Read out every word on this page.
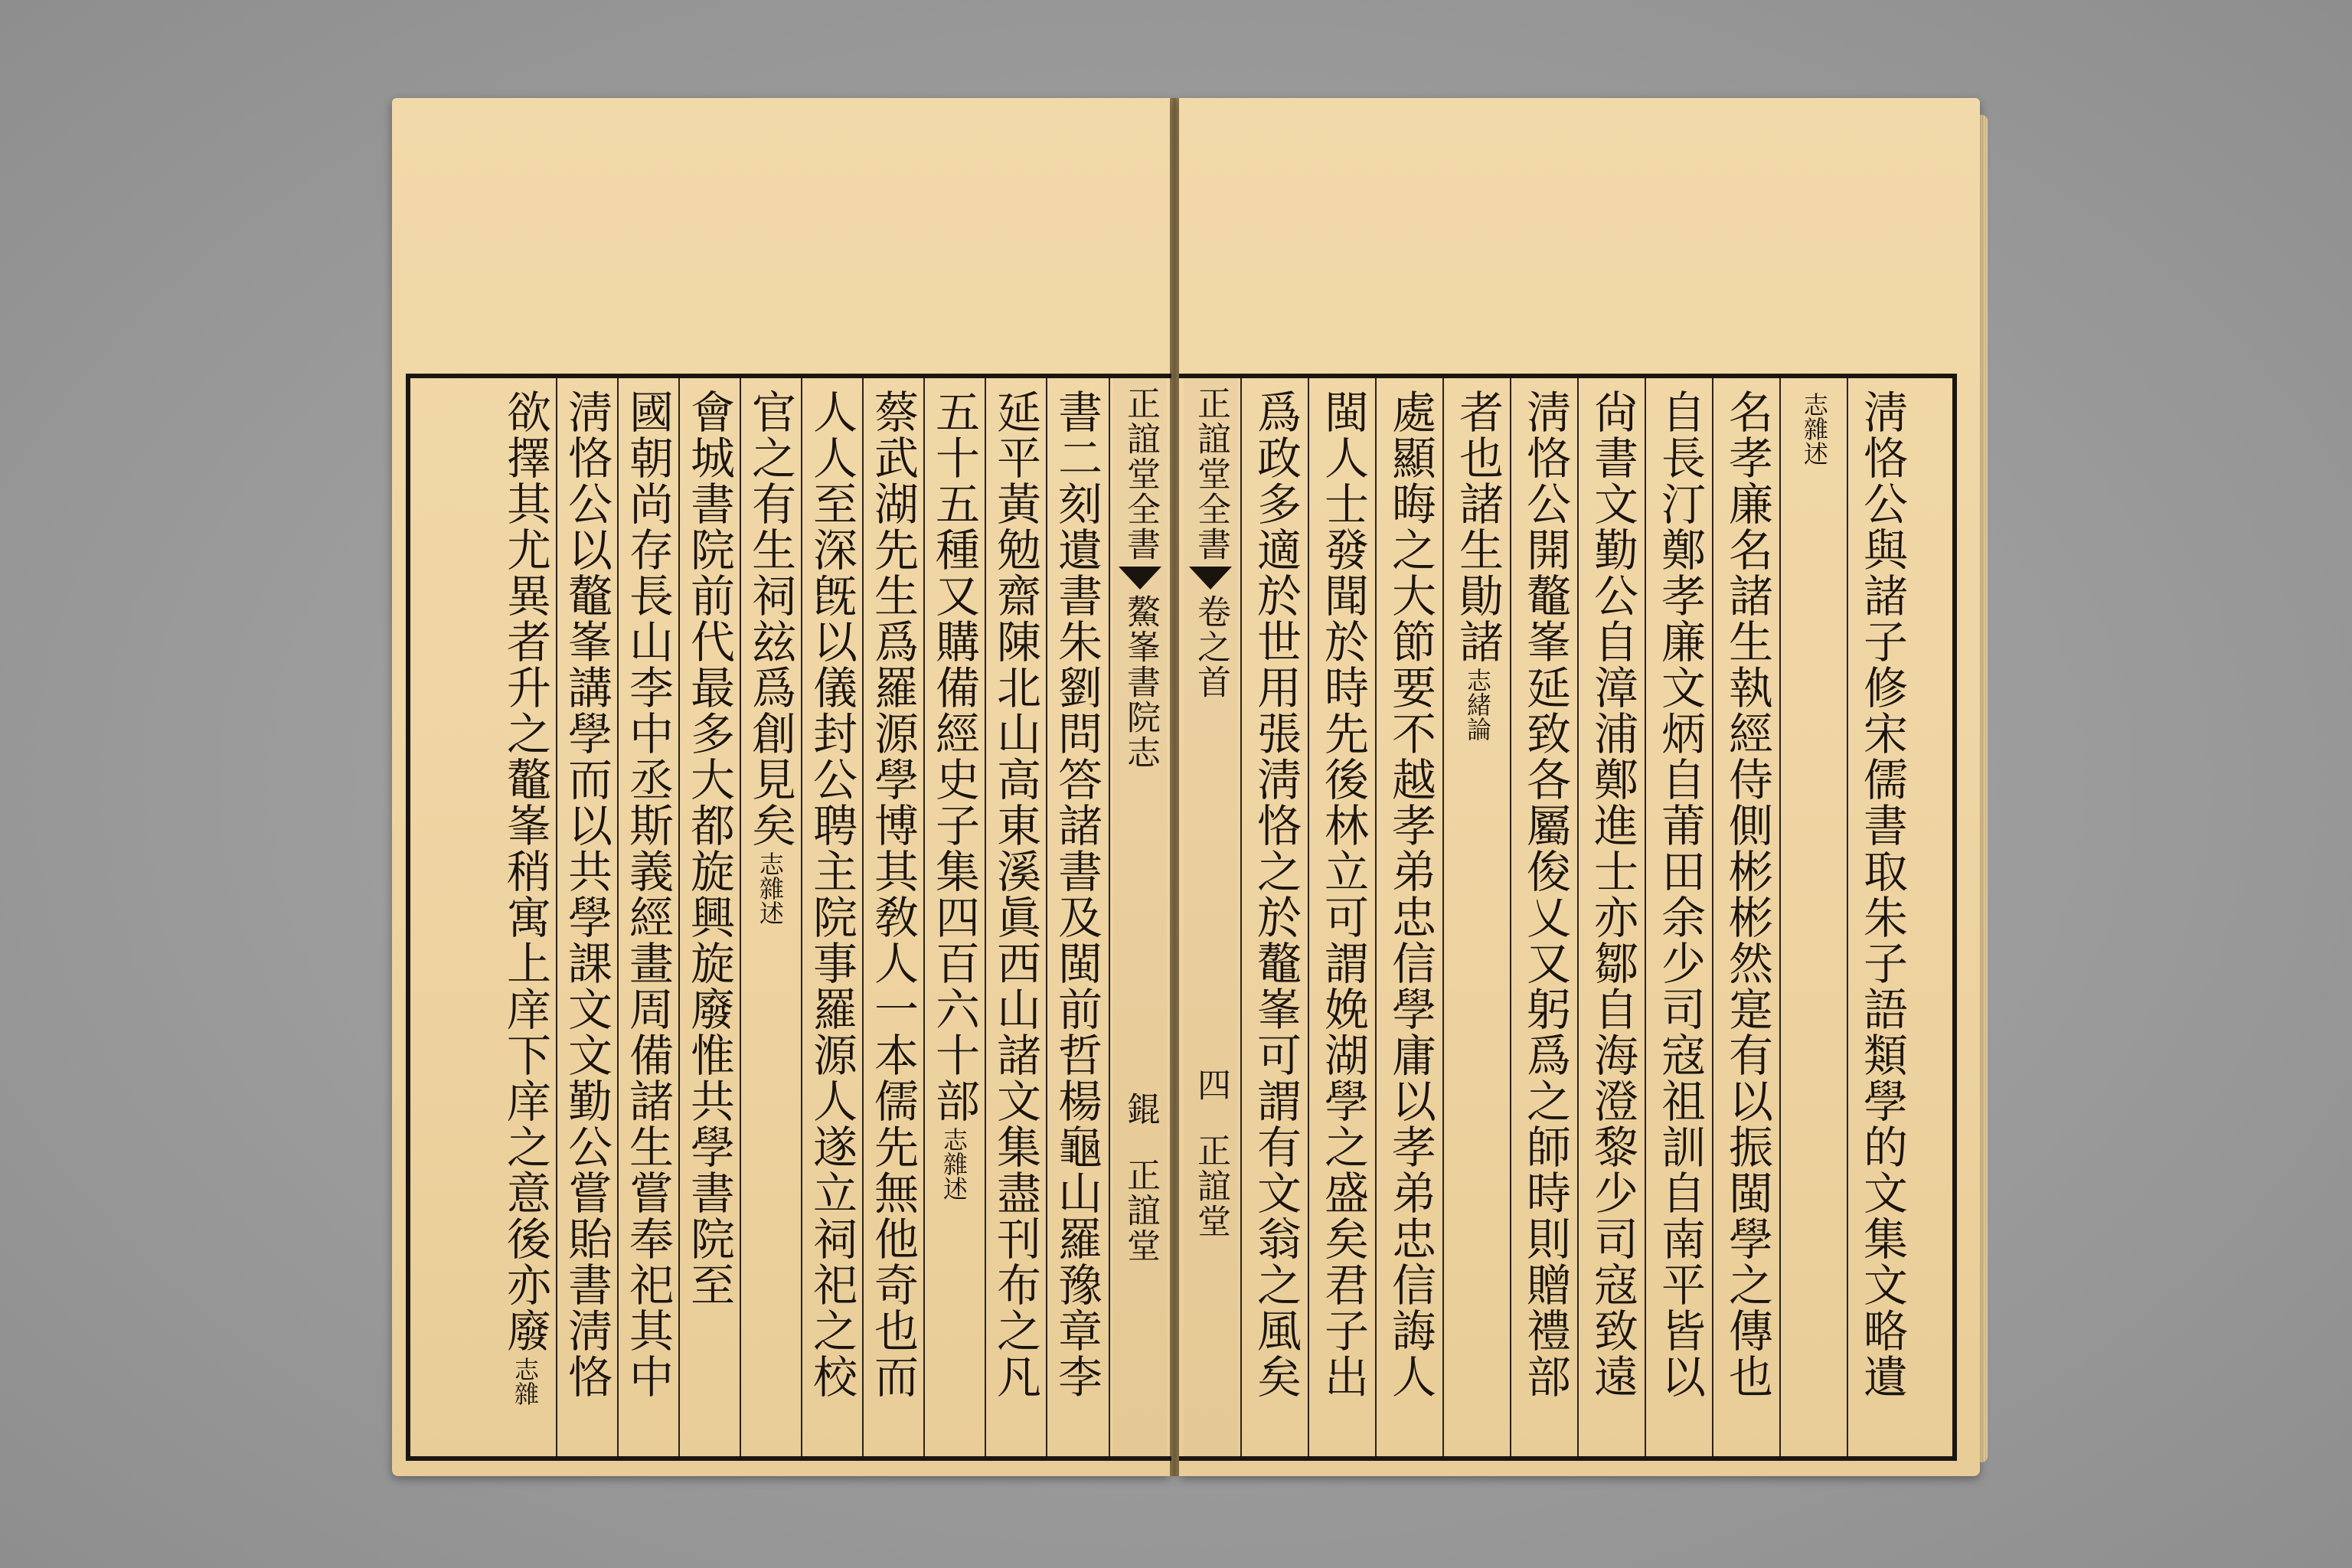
正誼堂全書
鰲峯書院志
錕
正誼堂
書二刻遺書朱劉問答諸書及閩前哲楊龜山羅豫章李
延平黃勉齋陳北山高東溪眞西山諸文集盡刊布之凡
五十五種又購備經史子集四百六十部
志雜述
蔡武湖先生爲羅源學博其敎人一本儒先無他奇也而
人人至深旣以儀封公聘主院事羅源人遂立祠祀之校
官之有生祠玆爲創見矣
志雜述
會城書院前代最多大都旋興旋廢惟共學書院至
國朝尚存長山李中丞斯義經畫周備諸生嘗奉祀其中
淸恪公以鼇峯講學而以共學課文文勤公嘗貽書淸恪
欲擇其尤異者升之鼇峯稍寓上庠下庠之意後亦廢
志雜
正誼堂全書
卷之首
四
正誼堂 爲政多適於世用張淸恪之於鼇峯可謂有文翁之風矣 閩人士發聞於時先後林立可謂娩湖學之盛矣君子出 處顯晦之大節要不越孝弟忠信學庸以孝弟忠信誨人 者也諸生勛諸
志緒論 淸恪公開鼇峯延致各屬俊乂又躬爲之師時則贈禮部 尙書文勤公自漳浦鄭進士亦鄒自海澄黎少司寇致遠 自長汀鄭孝廉文炳自莆田余少司寇祖訓自南平皆以 名孝廉名諸生執經侍側彬彬然寔有以振閩學之傳也 志雜述 淸恪公與諸子修宋儒書取朱子語類學的文集文略遺
